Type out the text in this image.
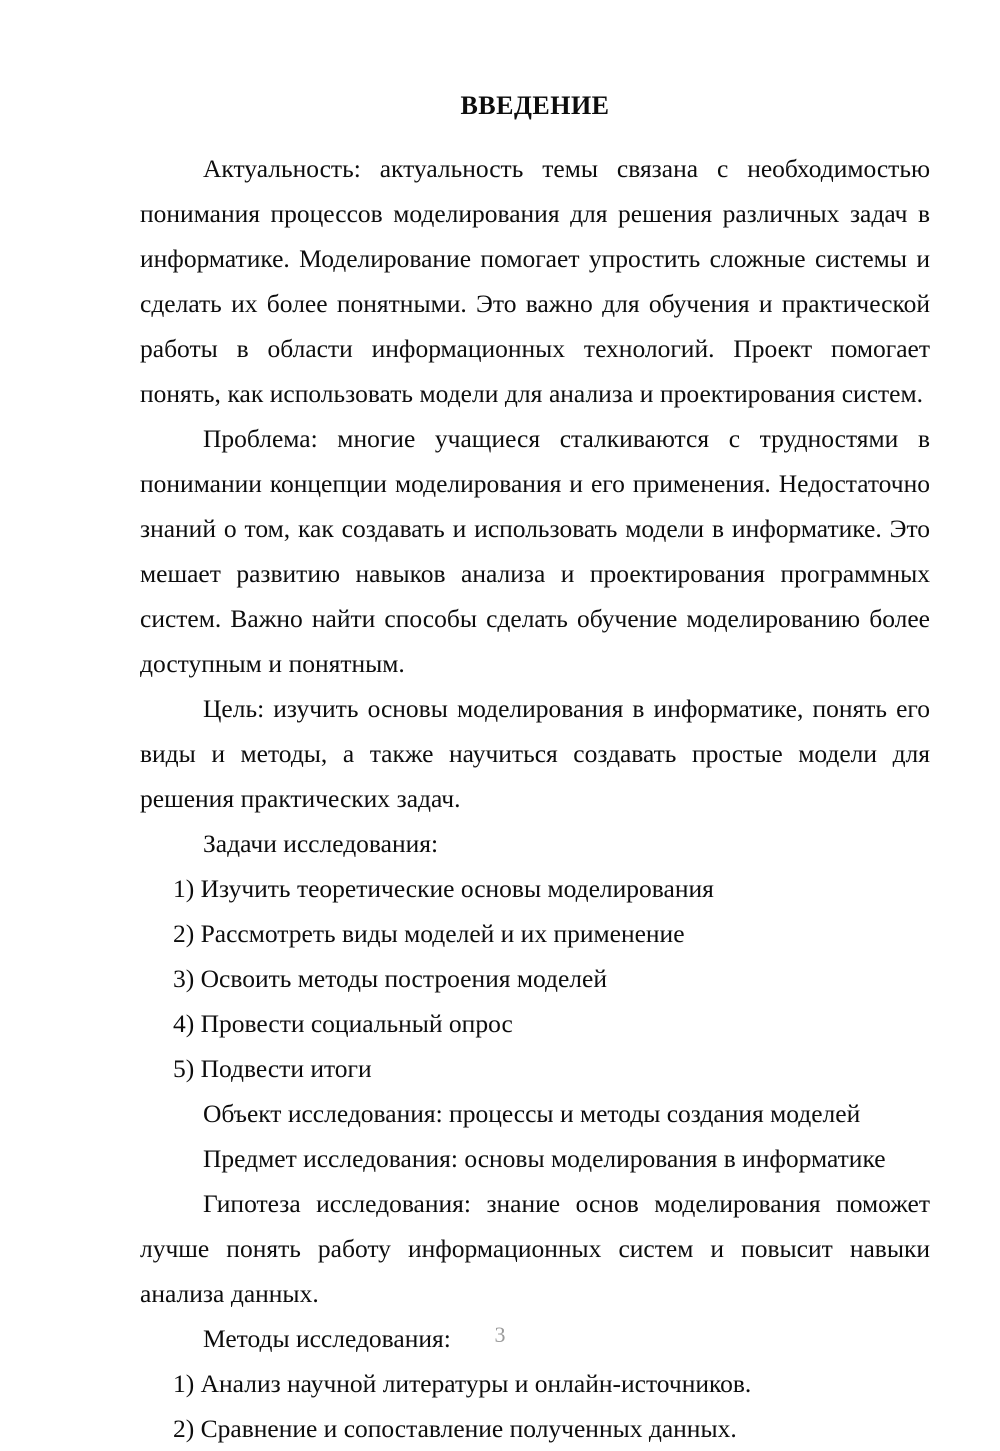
ВВЕДЕНИЕ

Актуальность: актуальность темы связана с необходимостью понимания процессов моделирования для решения различных задач в информатике. Моделирование помогает упростить сложные системы и сделать их более понятными. Это важно для обучения и практической работы в области информационных технологий. Проект помогает понять, как использовать модели для анализа и проектирования систем.

Проблема: многие учащиеся сталкиваются с трудностями в понимании концепции моделирования и его применения. Недостаточно знаний о том, как создавать и использовать модели в информатике. Это мешает развитию навыков анализа и проектирования программных систем. Важно найти способы сделать обучение моделированию более доступным и понятным.

Цель: изучить основы моделирования в информатике, понять его виды и методы, а также научиться создавать простые модели для решения практических задач.

Задачи исследования:

1) Изучить теоретические основы моделирования

2) Рассмотреть виды моделей и их применение

3) Освоить методы построения моделей

4) Провести социальный опрос

5) Подвести итоги

Объект исследования: процессы и методы создания моделей

Предмет исследования: основы моделирования в информатике

Гипотеза исследования: знание основ моделирования поможет лучше понять работу информационных систем и повысит навыки анализа данных.

Методы исследования:

1) Анализ научной литературы и онлайн-источников.

2) Сравнение и сопоставление полученных данных.

3
